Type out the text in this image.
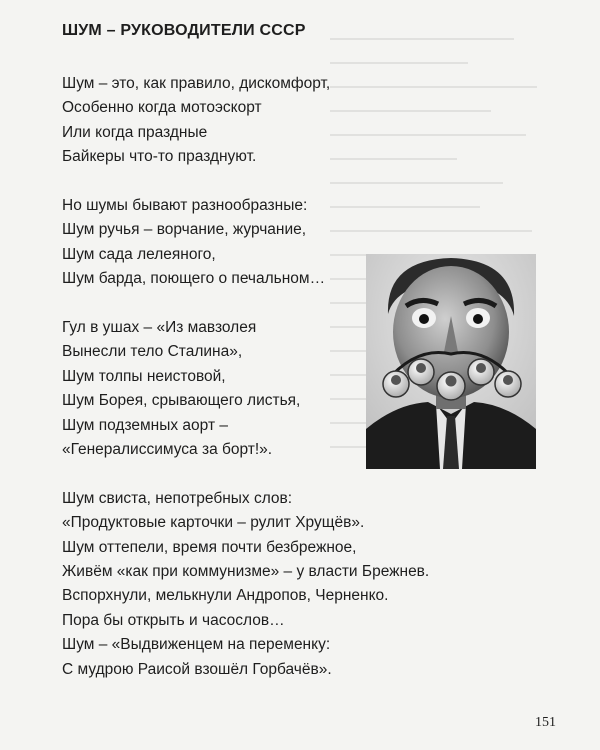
ШУМ – РУКОВОДИТЕЛИ СССР
Шум – это, как правило, дискомфорт,
Особенно когда мотоэскорт
Или когда праздные
Байкеры что-то празднуют.
Но шумы бывают разнообразные:
Шум ручья – ворчание, журчание,
Шум сада лелеяного,
Шум барда, поющего о печальном…
Гул в ушах – «Из мавзолея
Вынесли тело Сталина»,
Шум толпы неистовой,
Шум Борея, срывающего листья,
Шум подземных аорт –
«Генералиссимуса за борт!».
Шум свиста, непотребных слов:
«Продуктовые карточки – рулит Хрущёв».
Шум оттепели, время почти безбрежное,
Живём «как при коммунизме» – у власти Брежнев.
Вспорхнули, мелькнули Андропов, Черненко.
Пора бы открыть и часослов…
Шум – «Выдвиженцем на переменку:
С мудрою Раисой взошёл Горбачёв».
151
